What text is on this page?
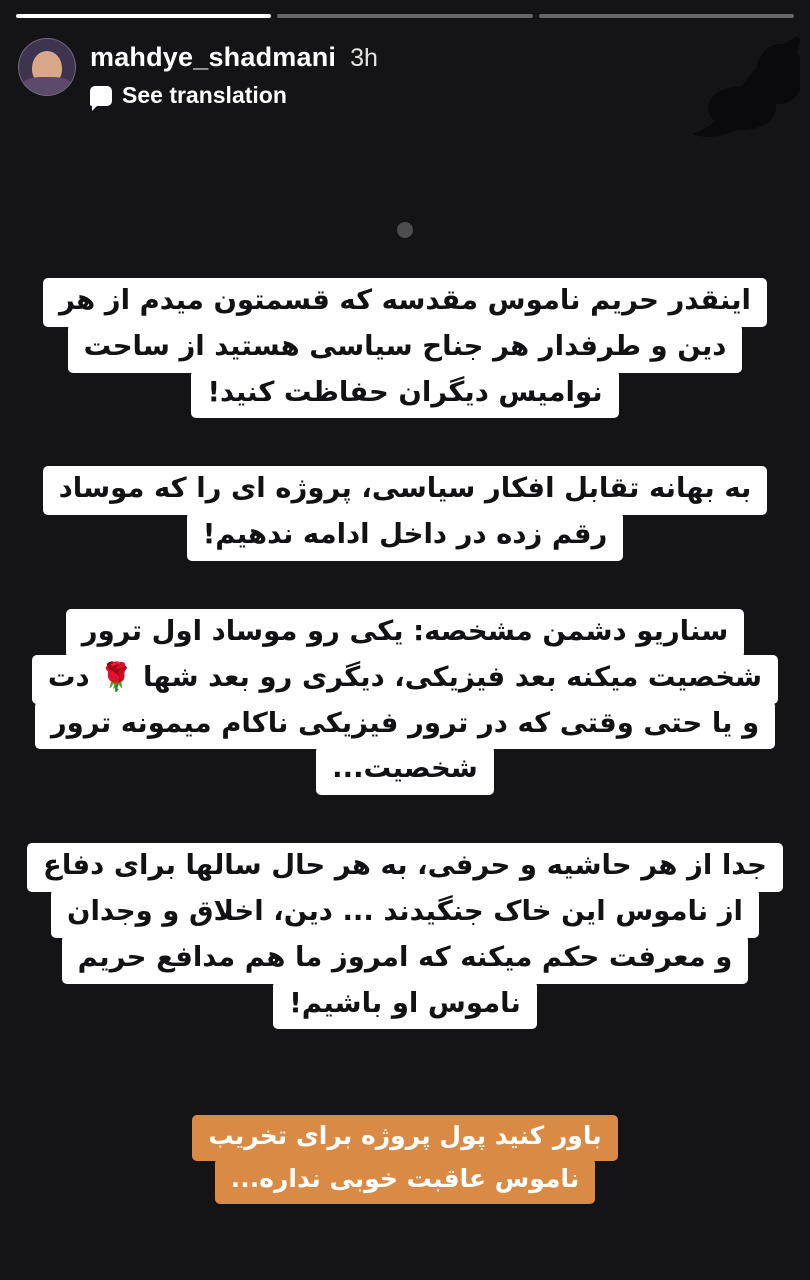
mahdye_shadmani 3h
See translation

اینقدر حریم ناموس مقدسه که قسمتون میدم از هر

دین و طرفدار هر جناح سیاسی هستید از ساحت

نوامیس دیگران حفاظت کنید!

به بهانه تقابل افکار سیاسی، پروژه ای را که موساد

رقم زده در داخل ادامه ندهیم!

سناریو دشمن مشخصه: یکی رو موساد اول ترور

شخصیت میکنه بعد فیزیکی، دیگری رو بعد شها 🌹 دت

و یا حتی وقتی که در ترور فیزیکی ناکام میمونه ترور

شخصیت...

جدا از هر حاشیه و حرفی، به هر حال سالها برای دفاع

از ناموس این خاک جنگیدند ... دین، اخلاق و وجدان

و معرفت حکم میکنه که امروز ما هم مدافع حریم

ناموس او باشیم!

باور کنید پول پروژه برای تخریب

ناموس عاقبت خوبی نداره...
